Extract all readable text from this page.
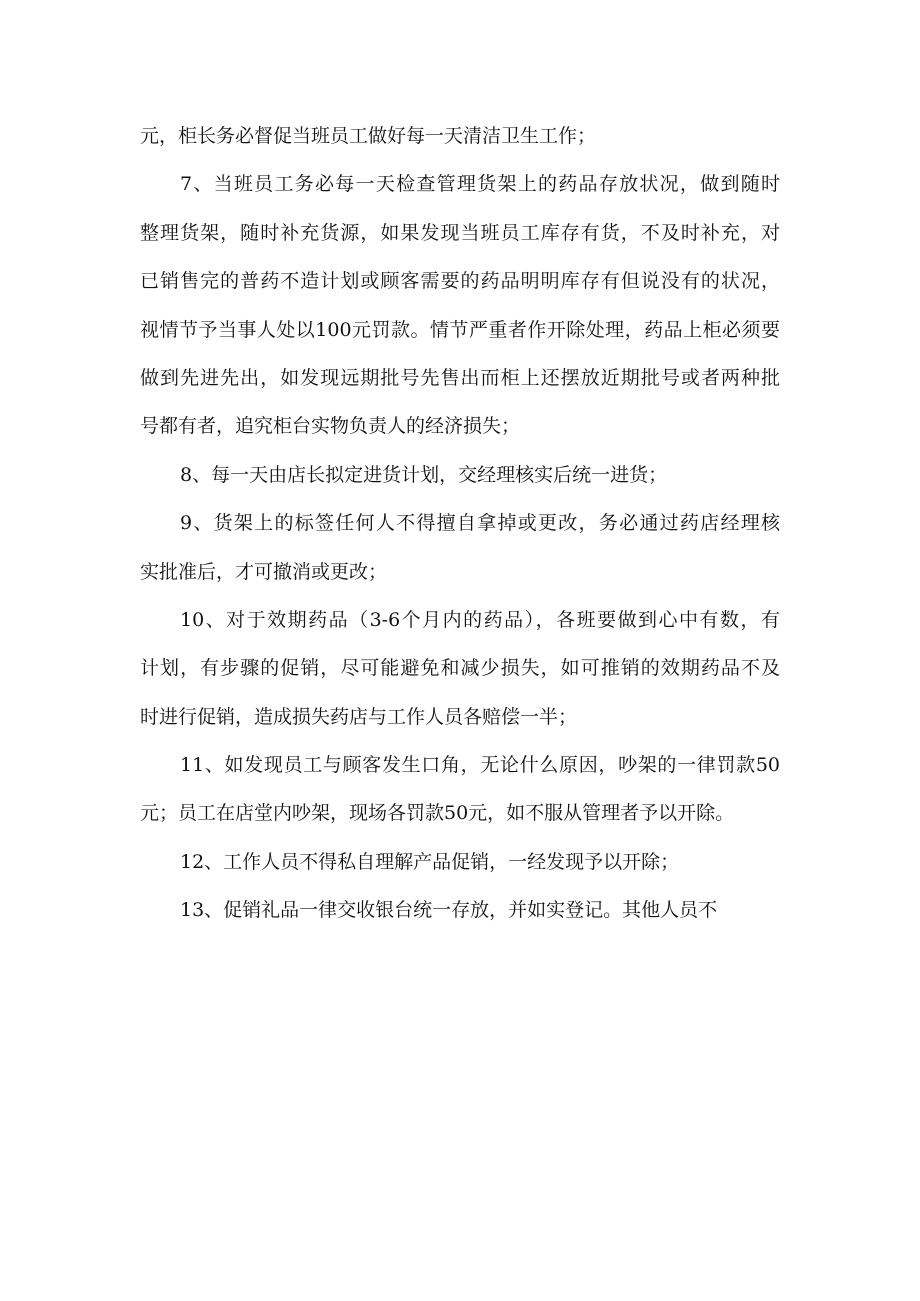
元，柜长务必督促当班员工做好每一天清洁卫生工作；
7、当班员工务必每一天检查管理货架上的药品存放状况，做到随时
整理货架，随时补充货源，如果发现当班员工库存有货，不及时补充，对
已销售完的普药不造计划或顾客需要的药品明明库存有但说没有的状况，
视情节予当事人处以100元罚款。情节严重者作开除处理，药品上柜必须要
做到先进先出，如发现远期批号先售出而柜上还摆放近期批号或者两种批
号都有者，追究柜台实物负责人的经济损失；
8、每一天由店长拟定进货计划，交经理核实后统一进货；
9、货架上的标签任何人不得擅自拿掉或更改，务必通过药店经理核
实批准后，才可撤消或更改；
10、对于效期药品（3-6个月内的药品），各班要做到心中有数，有
计划，有步骤的促销，尽可能避免和减少损失，如可推销的效期药品不及
时进行促销，造成损失药店与工作人员各赔偿一半；
11、如发现员工与顾客发生口角，无论什么原因，吵架的一律罚款50
元；员工在店堂内吵架，现场各罚款50元，如不服从管理者予以开除。
12、工作人员不得私自理解产品促销，一经发现予以开除；
13、促销礼品一律交收银台统一存放，并如实登记。其他人员不
